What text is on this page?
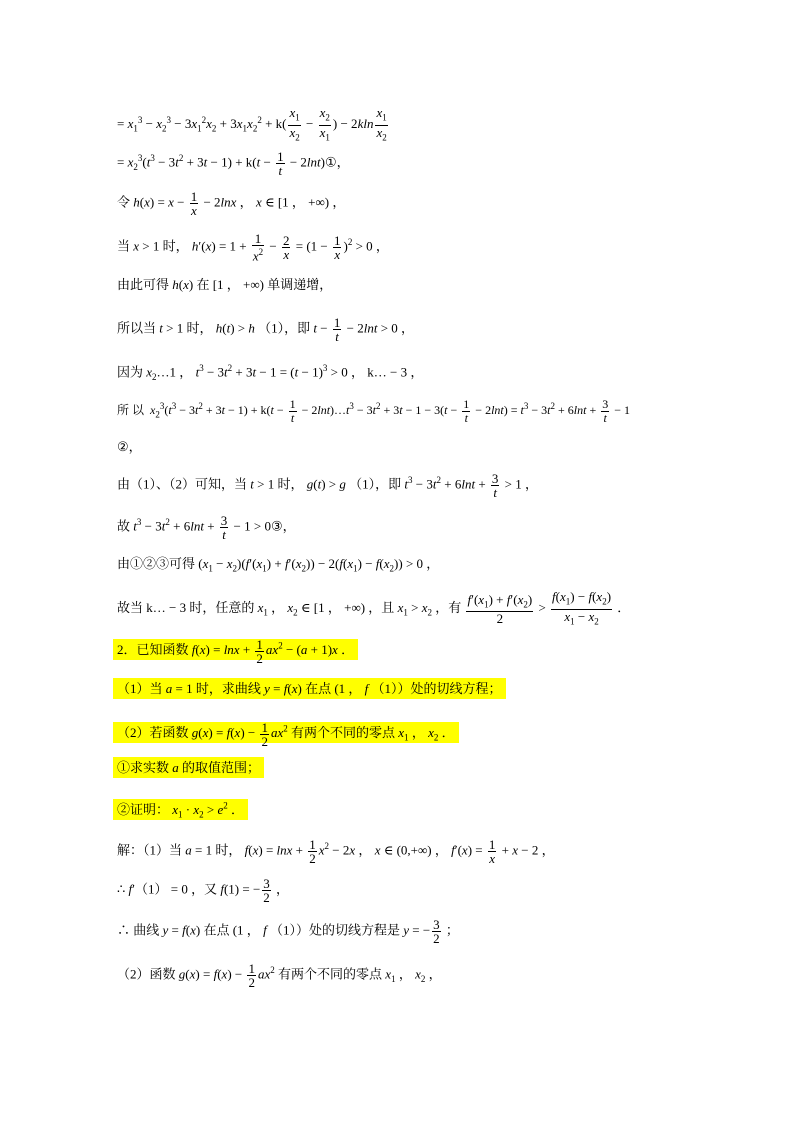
= $x_1^3 - x_2^3 - 3x_1^2x_2 + 3x_1x_2^2 + k( \frac{x_1}{x_2} - \frac{x_2}{x_1}$ ) − $2kln \frac{x_1}{x_2}$
= $x_2^3(t^3 - 3t^2 + 3t - 1) + k(t - \frac{1}{t}$ − 2lnt)①，
令 $h(x) = x - \frac{1}{x} - 2\ln x$ ， x ∈ [1 ， +∞) ，
当 x > 1 时， $h'(x) = 1 + \frac{1}{x^2} - \frac{2}{x} = (1 - \frac{1}{x} )^2 > 0$ ，
由此可得 h(x) 在 [1 ， +∞) 单调递增，
所以当 t > 1 时， h(t) > h （1），即 $t - \frac{1}{t} - 2\ln t > 0$ ，
因为 $x_2\dots 1$ ， $t^3 - 3t^2 + 3t - 1 = (t - 1)^3 > 0$ ， k… − 3 ，
所 以  $x_2^3(t^3 - 3t^2 + 3t - 1) + k(t - \frac{1}{t}$ − $2\ln t)\dots t^3 - 3t^2 + 3t - 1 - 3(t - \frac{1}{t} - 2\ln t) = t^3 - 3t^2 + 6\ln t + \frac{3}{t} - 1$
②，
由（1）、（2）可知，当 t > 1 时， g(t) > g （1），即 $t^3 - 3t^2 + 6\ln t + \frac{3}{t} > 1$ ，
故 $t^3 - 3t^2 + 6\ln t + \frac{3}{t} - 1$ > 0③，
由①②③可得 $(x_1 - x_2)(f'(x_1) + f'(x_2)) - 2(f(x_1) - f(x_2)) > 0$ ，
故当 k… − 3 时，任意的 $x_1$ ， $x_2$ ∈ [1 ， +∞) ，且 $x_1 > x_2$ ，有 $\frac{f'(x_1) + f'(x_2)}{2} > \frac{f(x_1) - f(x_2)}{x_1 - x_2}$ ．
2．已知函数 $f(x) = \ln x + \frac{1}{2} ax^2 - (a + 1)x$ ．
（1）当 a = 1 时，求曲线 y = f(x) 在点 (1 ， f （1））处的切线方程；
（2）若函数 $g(x) = f(x) - \frac{1}{2} ax^2$ 有两个不同的零点 $x_1$ ， $x_2$ ．
①求实数 a 的取值范围；
②证明： $x_1 \cdot x_2 > e^2$ ．
解：（1）当 a = 1 时， $f(x) = \ln x + \frac{1}{2} x^2 - 2x$ ， x ∈ (0,+∞) ， $f'(x) = \frac{1}{x} + x - 2$ ，
∴ f′（1） = 0 ，又 f(1) = − $\frac{3}{2}$ ，
∴ 曲线 y = f(x) 在点 (1 ， f （1））处的切线方程是 y = − $\frac{3}{2}$ ；
（2）函数 $g(x) = f(x) - \frac{1}{2} ax^2$ 有两个不同的零点 $x_1$ ， $x_2$ ，
